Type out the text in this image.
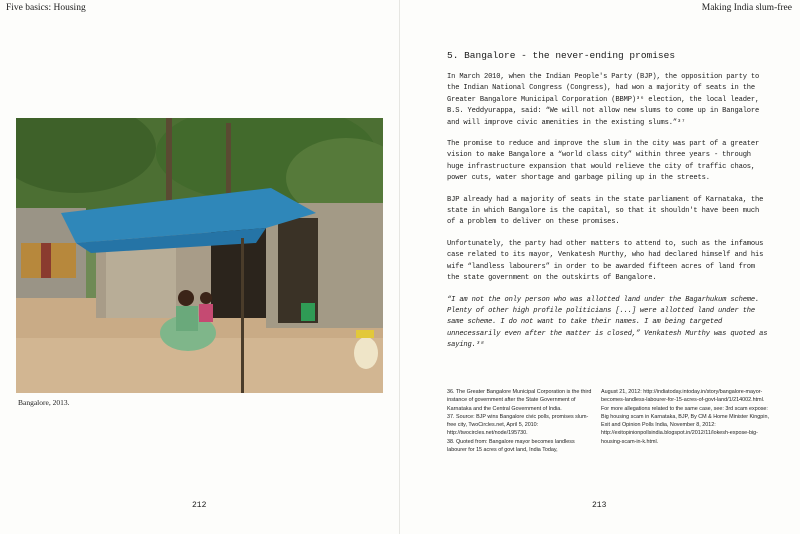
Five basics: Housing	Making India slum-free
Bangalore, 2013.
5. Bangalore - the never-ending promises

In March 2010, when the Indian People's Party (BJP), the opposition party to the Indian National Congress (Congress), had won a majority of seats in the Greater Bangalore Municipal Corporation (BBMP)³⁶ election, the local leader, B.S. Yeddyurappa, said: “We will not allow new slums to come up in Bangalore and will improve civic amenities in the existing slums.”³⁷

The promise to reduce and improve the slum in the city was part of a greater vision to make Bangalore a “world class city” within three years - through huge infrastructure expansion that would relieve the city of traffic chaos, power cuts, water shortage and garbage piling up in the streets.

BJP already had a majority of seats in the state parliament of Karnataka, the state in which Bangalore is the capital, so that it shouldn't have been much of a problem to deliver on these promises.

Unfortunately, the party had other matters to attend to, such as the infamous case related to its mayor, Venkatesh Murthy, who had declared himself and his wife “landless labourers” in order to be awarded fifteen acres of land from the state government on the outskirts of Bangalore.

“I am not the only person who was allotted land under the Bagarhukum scheme. Plenty of other high profile politicians [...] were allotted land under the same scheme. I do not want to take their names. I am being targeted unnecessarily even after the matter is closed,” Venkatesh Murthy was quoted as saying.³⁸

36. The Greater Bangalore Municipal Corporation is the third instance of government after the State Government of Karnataka and the Central Government of India.
37. Source: BJP wins Bangalore civic polls, promises slum-free city, TwoCircles.net, April 5, 2010: http://twocircles.net/node/195730.
38. Quoted from: Bangalore mayor becomes landless labourer for 15 acres of govt land, India Today,
August 21, 2012: http://indiatoday.intoday.in/story/bangalore-mayor-becomes-landless-labourer-for-15-acres-of-govt-land/1/214002.html. For more allegations related to the same case, see: 3rd scam expose: Big housing scam in Karnataka, BJP, By CM & Home Minister Kingpin, Exit and Opinion Polls India, November 8, 2012: http://exitopinionpollsindia.blogspot.in/2012/11/lokesh-expose-big-housing-scam-in-k.html.
212	213
